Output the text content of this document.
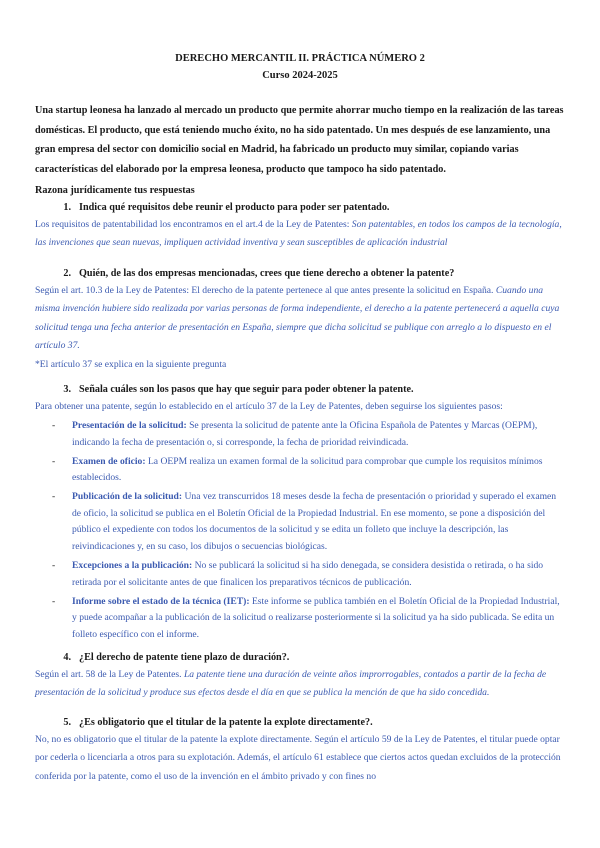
DERECHO MERCANTIL II. PRÁCTICA NÚMERO 2
Curso 2024-2025
Una startup leonesa ha lanzado al mercado un producto que permite ahorrar mucho tiempo en la realización de las tareas domésticas. El producto, que está teniendo mucho éxito, no ha sido patentado. Un mes después de ese lanzamiento, una gran empresa del sector con domicilio social en Madrid, ha fabricado un producto muy similar, copiando varias características del elaborado por la empresa leonesa, producto que tampoco ha sido patentado.
Razona jurídicamente tus respuestas
1. Indica qué requisitos debe reunir el producto para poder ser patentado.
Los requisitos de patentabilidad los encontramos en el art.4 de la Ley de Patentes: Son patentables, en todos los campos de la tecnología, las invenciones que sean nuevas, impliquen actividad inventiva y sean susceptibles de aplicación industrial
2. Quién, de las dos empresas mencionadas, crees que tiene derecho a obtener la patente?
Según el art. 10.3 de la Ley de Patentes: El derecho de la patente pertenece al que antes presente la solicitud en España. Cuando una misma invención hubiere sido realizada por varias personas de forma independiente, el derecho a la patente pertenecerá a aquella cuya solicitud tenga una fecha anterior de presentación en España, siempre que dicha solicitud se publique con arreglo a lo dispuesto en el artículo 37.
*El artículo 37 se explica en la siguiente pregunta
3. Señala cuáles son los pasos que hay que seguir para poder obtener la patente.
Para obtener una patente, según lo establecido en el artículo 37 de la Ley de Patentes, deben seguirse los siguientes pasos:
- Presentación de la solicitud: Se presenta la solicitud de patente ante la Oficina Española de Patentes y Marcas (OEPM), indicando la fecha de presentación o, si corresponde, la fecha de prioridad reivindicada.
- Examen de oficio: La OEPM realiza un examen formal de la solicitud para comprobar que cumple los requisitos mínimos establecidos.
- Publicación de la solicitud: Una vez transcurridos 18 meses desde la fecha de presentación o prioridad y superado el examen de oficio, la solicitud se publica en el Boletín Oficial de la Propiedad Industrial. En ese momento, se pone a disposición del público el expediente con todos los documentos de la solicitud y se edita un folleto que incluye la descripción, las reivindicaciones y, en su caso, los dibujos o secuencias biológicas.
- Excepciones a la publicación: No se publicará la solicitud si ha sido denegada, se considera desistida o retirada, o ha sido retirada por el solicitante antes de que finalicen los preparativos técnicos de publicación.
- Informe sobre el estado de la técnica (IET): Este informe se publica también en el Boletín Oficial de la Propiedad Industrial, y puede acompañar a la publicación de la solicitud o realizarse posteriormente si la solicitud ya ha sido publicada. Se edita un folleto específico con el informe.
4. ¿El derecho de patente tiene plazo de duración?.
Según el art. 58 de la Ley de Patentes. La patente tiene una duración de veinte años improrrogables, contados a partir de la fecha de presentación de la solicitud y produce sus efectos desde el día en que se publica la mención de que ha sido concedida.
5. ¿Es obligatorio que el titular de la patente la explote directamente?.
No, no es obligatorio que el titular de la patente la explote directamente. Según el artículo 59 de la Ley de Patentes, el titular puede optar por cederla o licenciarla a otros para su explotación. Además, el artículo 61 establece que ciertos actos quedan excluidos de la protección conferida por la patente, como el uso de la invención en el ámbito privado y con fines no
